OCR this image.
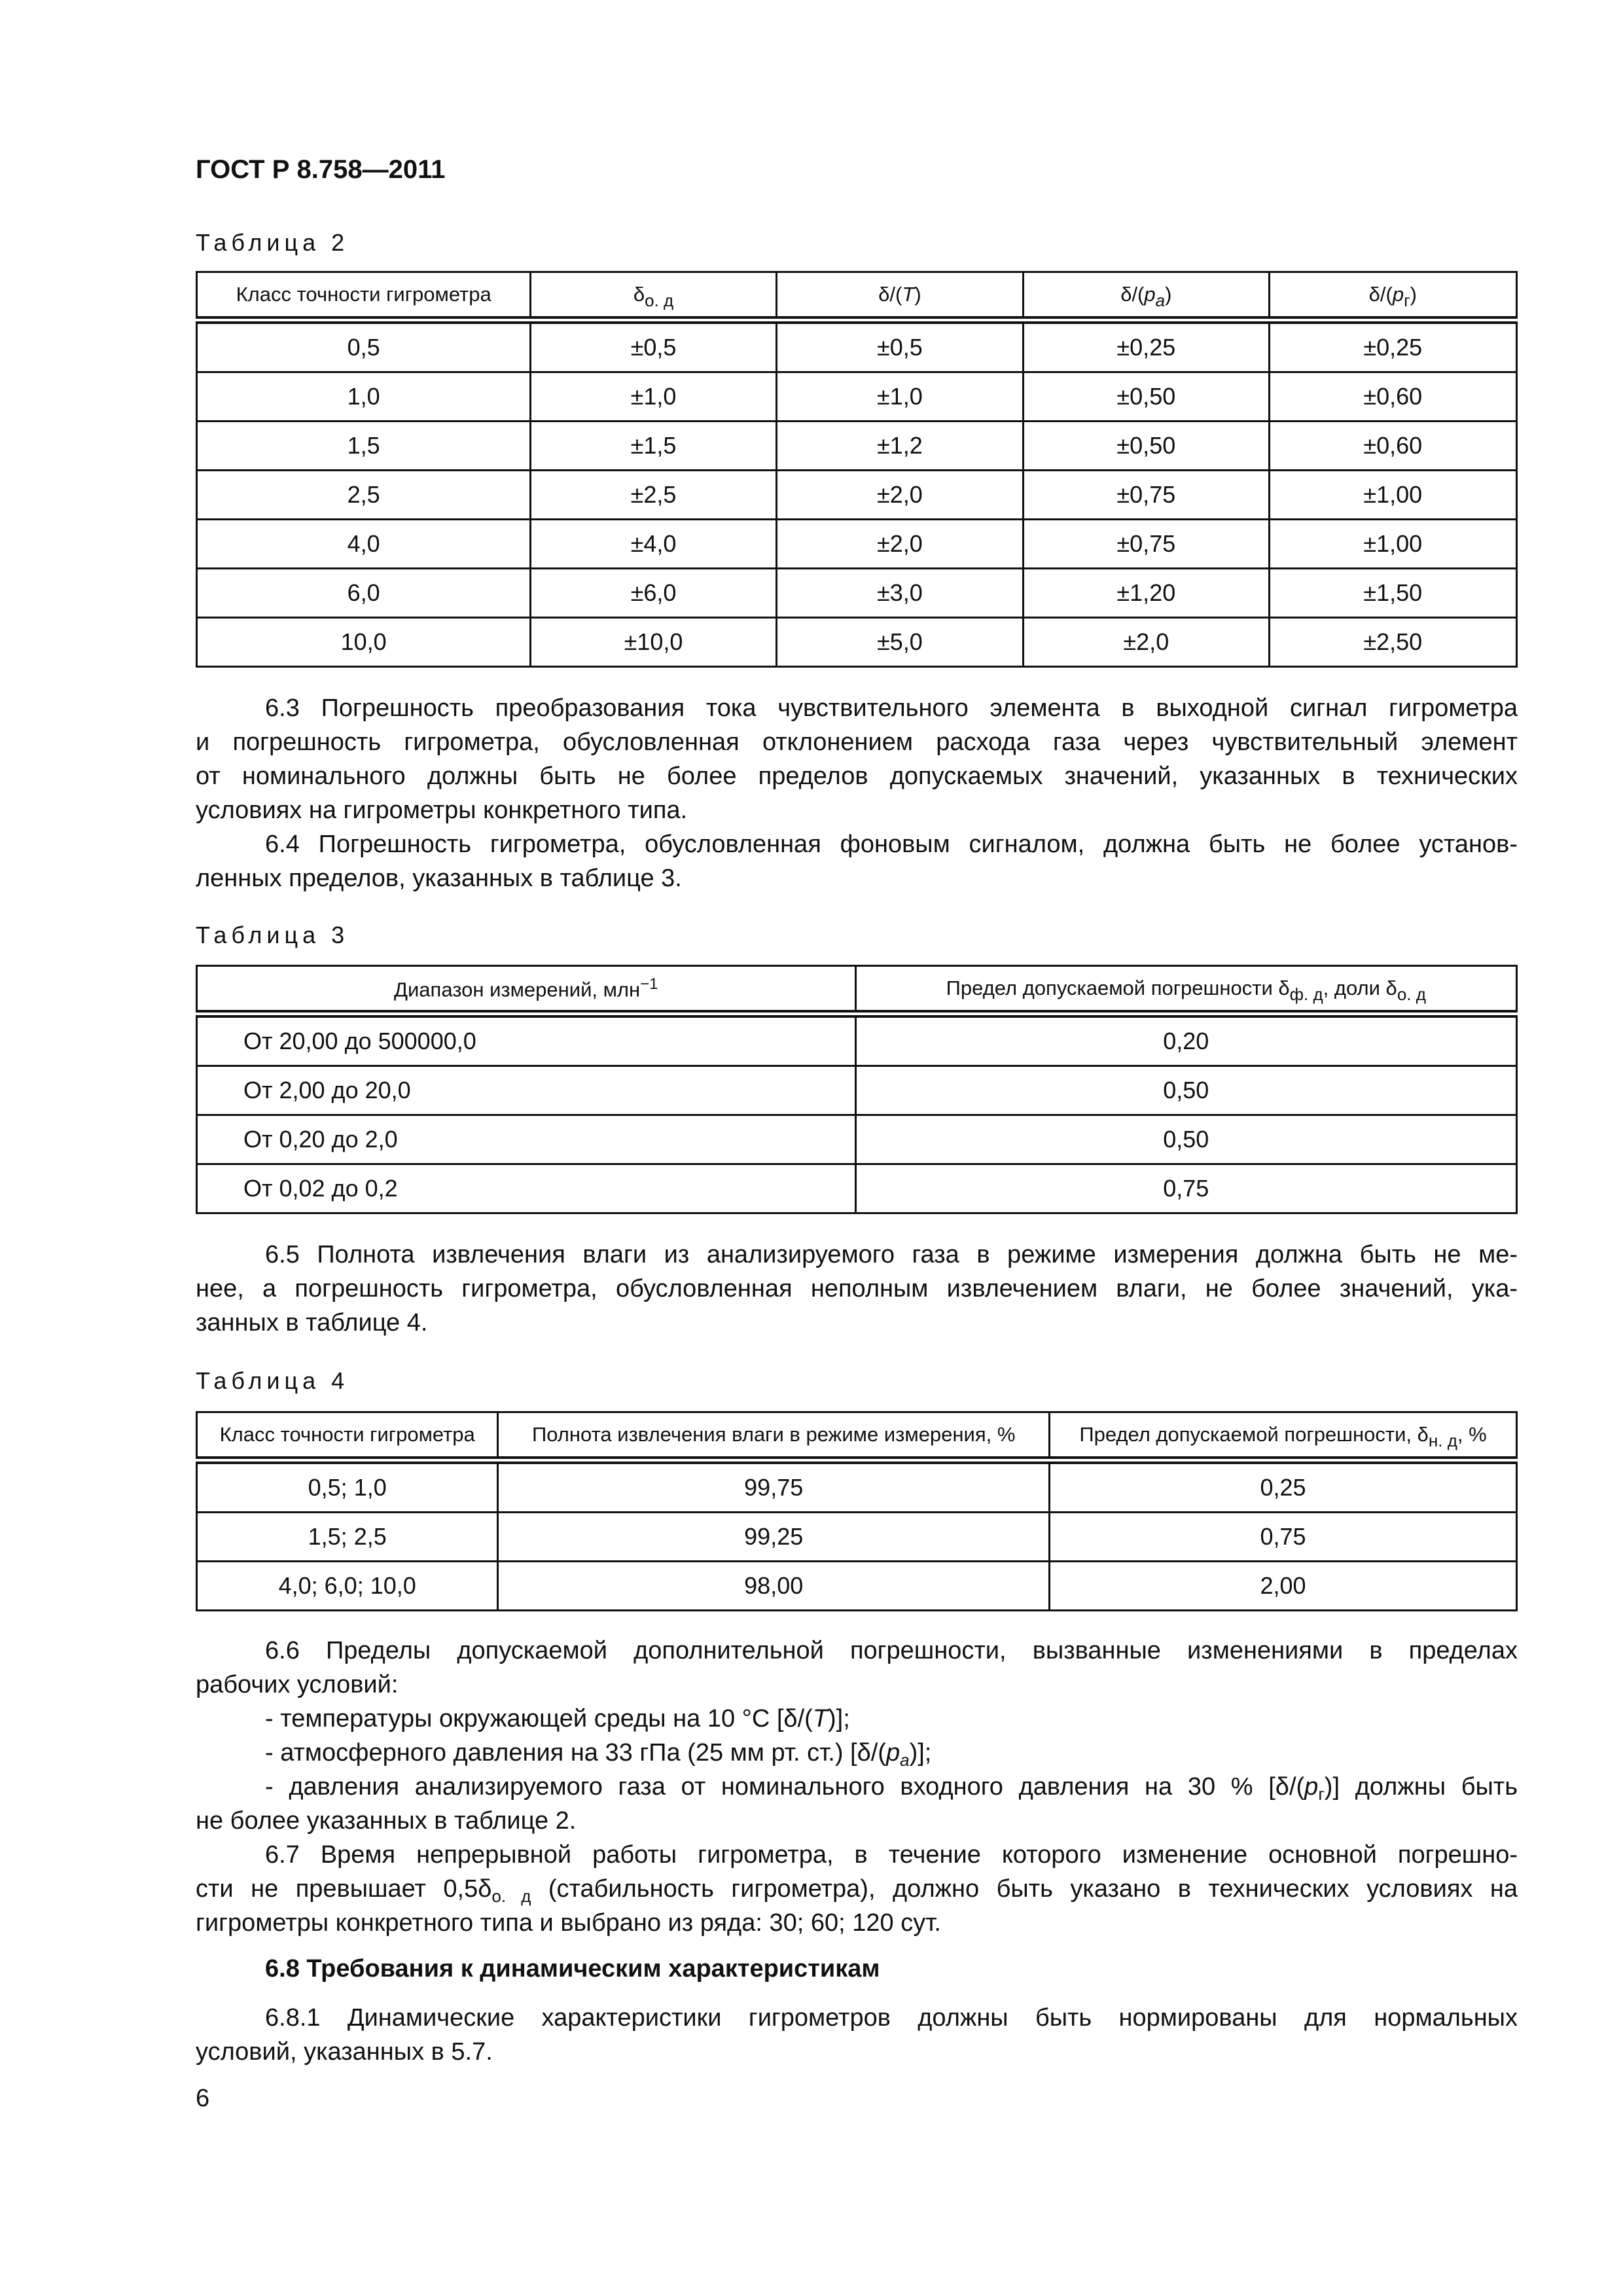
ГОСТ Р 8.758—2011
Таблица 2
Класс точности гигрометра	$\delta_{о. д}$	δ/(T)	$\delta/(p_a)$	$\delta/(p_г)$
0,5	±0,5	±0,5	±0,25	±0,25
1,0	±1,0	±1,0	±0,50	±0,60
1,5	±1,5	±1,2	±0,50	±0,60
2,5	±2,5	±2,0	±0,75	±1,00
4,0	±4,0	±2,0	±0,75	±1,00
6,0	±6,0	±3,0	±1,20	±1,50
10,0	±10,0	±5,0	±2,0	±2,50
6.3 Погрешность преобразования тока чувствительного элемента в выходной сигнал гигрометра
и погрешность гигрометра, обусловленная отклонением расхода газа через чувствительный элемент
от номинального должны быть не более пределов допускаемых значений, указанных в технических
условиях на гигрометры конкретного типа.
6.4 Погрешность гигрометра, обусловленная фоновым сигналом, должна быть не более установ-
ленных пределов, указанных в таблице 3.
Таблица 3
Диапазон измерений, млн$^{-1}$	Предел допускаемой погрешности $\delta_{ф. д}$, доли $\delta_{о. д}$
От 20,00 до 500000,0	0,20
От 2,00 до 20,0	0,50
От 0,20 до 2,0	0,50
От 0,02 до 0,2	0,75
6.5 Полнота извлечения влаги из анализируемого газа в режиме измерения должна быть не ме-
нее, а погрешность гигрометра, обусловленная неполным извлечением влаги, не более значений, ука-
занных в таблице 4.
Таблица 4
Класс точности гигрометра	Полнота извлечения влаги в режиме измерения, %	Предел допускаемой погрешности, $\delta_{н. д}$, %
0,5; 1,0	99,75	0,25
1,5; 2,5	99,25	0,75
4,0; 6,0; 10,0	98,00	2,00
6.6 Пределы допускаемой дополнительной погрешности, вызванные изменениями в пределах
рабочих условий:
- температуры окружающей среды на 10 °С [δ/(T)];
- атмосферного давления на 33 гПа (25 мм рт. ст.) $[\delta/(p_a)]$;
- давления анализируемого газа от номинального входного давления на 30 % $[\delta/(p_г)]$ должны быть
не более указанных в таблице 2.
6.7 Время непрерывной работы гигрометра, в течение которого изменение основной погрешно-
сти не превышает $0,5\delta_{о. д}$ (стабильность гигрометра), должно быть указано в технических условиях на
гигрометры конкретного типа и выбрано из ряда: 30; 60; 120 сут.
6.8 Требования к динамическим характеристикам
6.8.1 Динамические характеристики гигрометров должны быть нормированы для нормальных
условий, указанных в 5.7.
6
